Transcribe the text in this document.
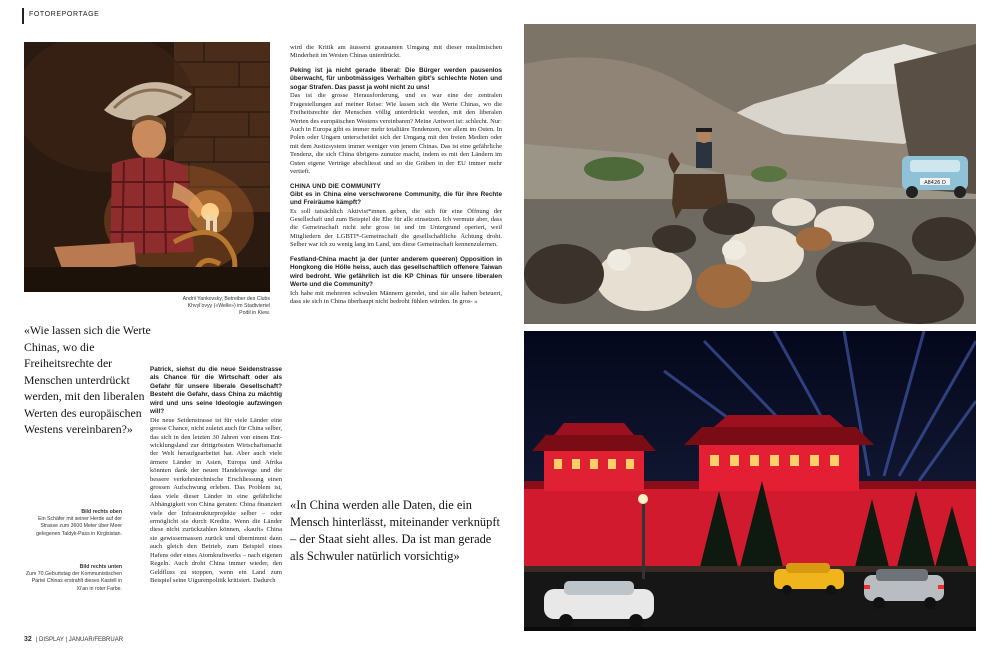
FOTOREPORTAGE
Andrii Yankovsky, Betreiber des Clubs Khvyl’ovyy («Welle») im Stadtviertel Podil in Kiew.
«Wie lassen sich die Werte Chinas, wo die Freiheitsrechte der Menschen unterdrückt werden, mit den liberalen Werten des europäischen Westens vereinbaren?»
Bild rechts oben
Ein Schäfer mit seiner Herde auf der Strasse zum 3600 Meter über Meer gelegenen Taldyk-Pass in Kirgisistan.
Bild rechts unten
Zum 70.Geburtstag der Kommunistischen Partei Chinas erstrahlt dieses Kastell in Xi’an in roter Farbe.
Patrick, siehst du die neue Seidenstrasse als Chance für die Wirtschaft oder als Gefahr für unsere liberale Gesellschaft? Besteht die Gefahr, dass China zu mächtig wird und uns seine Ideologie aufzwingen will?

Die neue Seidenstrasse ist für viele Länder eine grosse Chance, nicht zuletzt auch für China selber, das sich in den letzten 30 Jahren von einem Entwicklungsland zur drittgrössten Wirtschaftsmacht der Welt heraufgearbeitet hat. Aber auch viele ärmere Länder in Asien, Europa und Afrika könnten dank der neuen Handelswege und die bessere verkehrstechnische Erschliessung einen grossen Aufschwung erleben. Das Problem ist, dass viele dieser Länder in eine gefährliche Abhängigkeit von China geraten: China finanziert viele der Infrastrukturprojekte selber – oder ermöglicht sie durch Kredite. Wenn die Länder diese nicht zurückzahlen können, «kauft» China sie gewissermassen zurück und übernimmt dann auch gleich den Betrieb, zum Beispiel eines Hafens oder eines Atomkraftwerks – nach eigenen Regeln. Auch droht China immer wieder, den Geldfluss zu stoppen, wenn ein Land zum Beispiel seine Uigurenpolitik kritisiert. Dadurch

wird die Kritik am äusserst grausamen Umgang mit dieser muslimischen Minderheit im Westen Chinas unterdrückt.

Peking ist ja nicht gerade liberal: Die Bürger werden pausenlos überwacht, für unbotmässiges Verhalten gibt’s schlechte Noten und sogar Strafen. Das passt ja wohl nicht zu uns!

Das ist die grosse Herausforderung, und es war eine der zentralen Fragestellungen auf meiner Reise: Wie lassen sich die Werte Chinas, wo die Freiheitsrechte der Menschen völlig unterdrückt werden, mit den liberalen Werten des europäischen Westens vereinbaren? Meine Antwort ist: schlecht. Nur: Auch in Europa gibt es immer mehr totalitäre Tendenzen, vor allem im Osten. In Polen oder Ungarn unterscheidet sich der Umgang mit den freien Medien oder mit dem Justizsystem immer weniger von jenem Chinas. Das ist eine gefährliche Tendenz, die sich China übrigens zunutze macht, indem es mit den Ländern im Osten eigene Verträge abschliesst und so die Gräben in der EU immer mehr vertieft.

CHINA UND DIE COMMUNITY
Gibt es in China eine verschworene Community, die für ihre Rechte und Freiräume kämpft?

Es soll tatsächlich Aktivist*innen geben, die sich für eine Öffnung der Gesellschaft und zum Beispiel die Ehe für alle einsetzen. Ich vermute aber, dass die Gemeinschaft nicht sehr gross ist und im Untergrund operiert, weil Mitgliedern der LGBTI*-Gemeinschaft die gesellschaftliche Ächtung droht. Selber war ich zu wenig lang im Land, um diese Gemeinschaft kennenzulernen.

Festland-China macht ja der (unter anderem queeren) Opposition in Hongkong die Hölle heiss, auch das gesellschaftlich offenere Taiwan wird bedroht. Wie gefährlich ist die KP Chinas für unsere liberalen Werte und die Community?

Ich habe mit mehreren schwulen Männern geredet, und sie alle haben beteuert, dass sie sich in China überhaupt nicht bedroht fühlen würden. In gros- »

«In China werden alle Daten, die ein Mensch hinterlässt, miteinander verknüpft – der Staat sieht alles. Da ist man gerade als Schwuler natürlich vorsichtig»
A8426 D
32 | DISPLAY | JANUAR/FEBRUAR
